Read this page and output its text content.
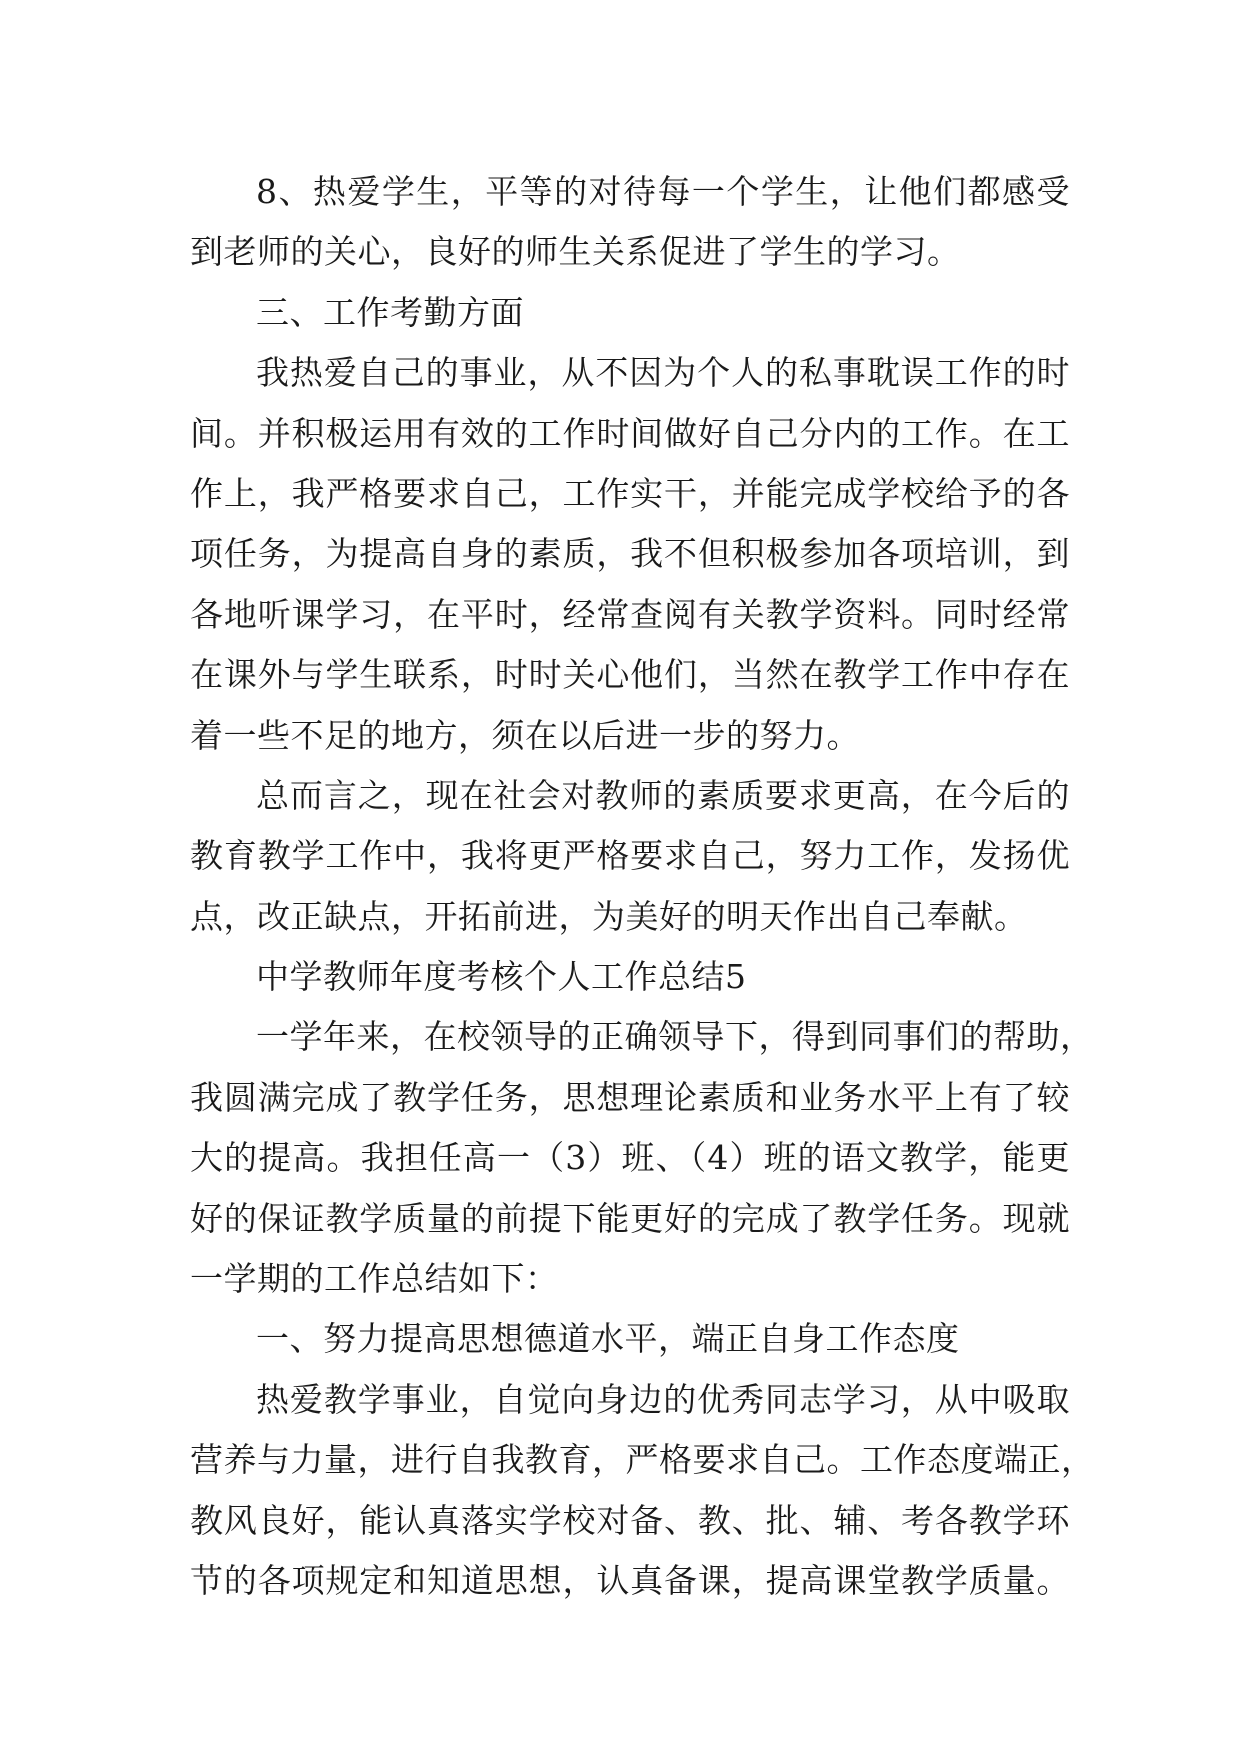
8、热爱学生，平等的对待每一个学生，让他们都感受
到老师的关心，良好的师生关系促进了学生的学习。
三、工作考勤方面
我热爱自己的事业，从不因为个人的私事耽误工作的时
间。并积极运用有效的工作时间做好自己分内的工作。在工
作上，我严格要求自己，工作实干，并能完成学校给予的各
项任务，为提高自身的素质，我不但积极参加各项培训，到
各地听课学习，在平时，经常查阅有关教学资料。同时经常
在课外与学生联系，时时关心他们，当然在教学工作中存在
着一些不足的地方，须在以后进一步的努力。
总而言之，现在社会对教师的素质要求更高，在今后的
教育教学工作中，我将更严格要求自己，努力工作，发扬优
点，改正缺点，开拓前进，为美好的明天作出自己奉献。
中学教师年度考核个人工作总结5
一学年来，在校领导的正确领导下，得到同事们的帮助，
我圆满完成了教学任务，思想理论素质和业务水平上有了较
大的提高。我担任高一（3）班、（4）班的语文教学，能更
好的保证教学质量的前提下能更好的完成了教学任务。现就
一学期的工作总结如下：
一、努力提高思想德道水平，端正自身工作态度
热爱教学事业，自觉向身边的优秀同志学习，从中吸取
营养与力量，进行自我教育，严格要求自己。工作态度端正，
教风良好，能认真落实学校对备、教、批、辅、考各教学环
节的各项规定和知道思想，认真备课，提高课堂教学质量。
